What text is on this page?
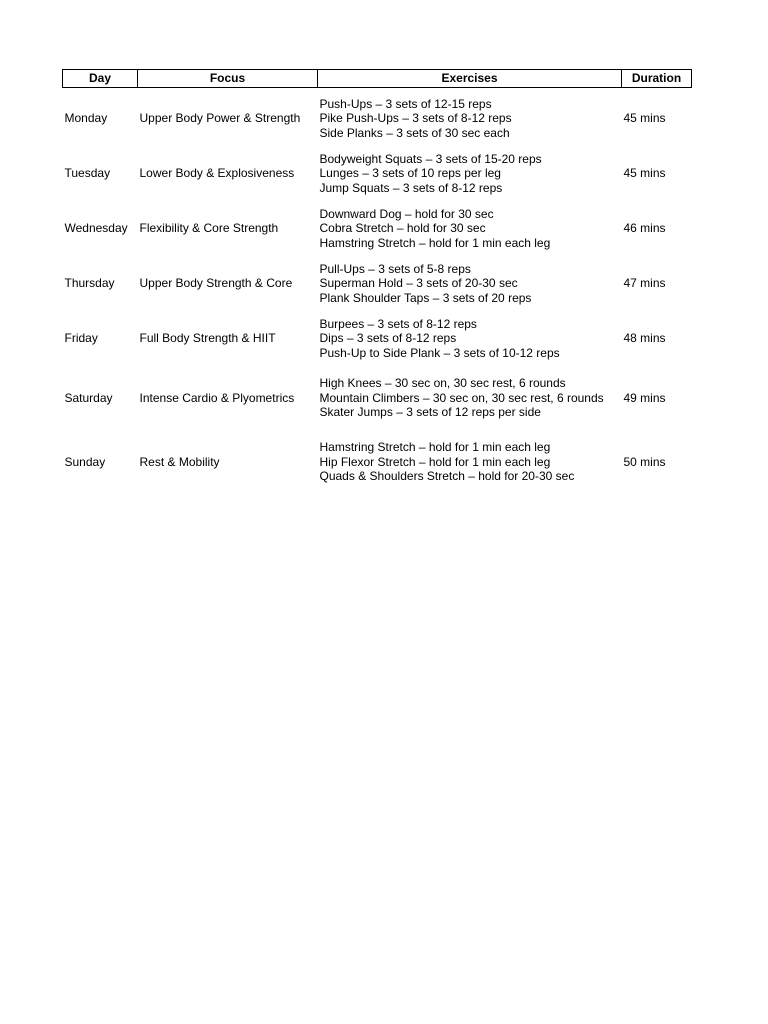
Day	Focus	Exercises	Duration
Monday	Upper Body Power & Strength	Push-Ups – 3 sets of 12-15 reps
Pike Push-Ups – 3 sets of 8-12 reps
Side Planks – 3 sets of 30 sec each	45 mins
Tuesday	Lower Body & Explosiveness	Bodyweight Squats – 3 sets of 15-20 reps
Lunges – 3 sets of 10 reps per leg
Jump Squats – 3 sets of 8-12 reps	45 mins
Wednesday	Flexibility & Core Strength	Downward Dog – hold for 30 sec
Cobra Stretch – hold for 30 sec
Hamstring Stretch – hold for 1 min each leg	46 mins
Thursday	Upper Body Strength & Core	Pull-Ups – 3 sets of 5-8 reps
Superman Hold – 3 sets of 20-30 sec
Plank Shoulder Taps – 3 sets of 20 reps	47 mins
Friday	Full Body Strength & HIIT	Burpees – 3 sets of 8-12 reps
Dips – 3 sets of 8-12 reps
Push-Up to Side Plank – 3 sets of 10-12 reps	48 mins
Saturday	Intense Cardio & Plyometrics	High Knees – 30 sec on, 30 sec rest, 6 rounds
Mountain Climbers – 30 sec on, 30 sec rest, 6 rounds
Skater Jumps – 3 sets of 12 reps per side	49 mins
Sunday	Rest & Mobility	Hamstring Stretch – hold for 1 min each leg
Hip Flexor Stretch – hold for 1 min each leg
Quads & Shoulders Stretch – hold for 20-30 sec	50 mins
